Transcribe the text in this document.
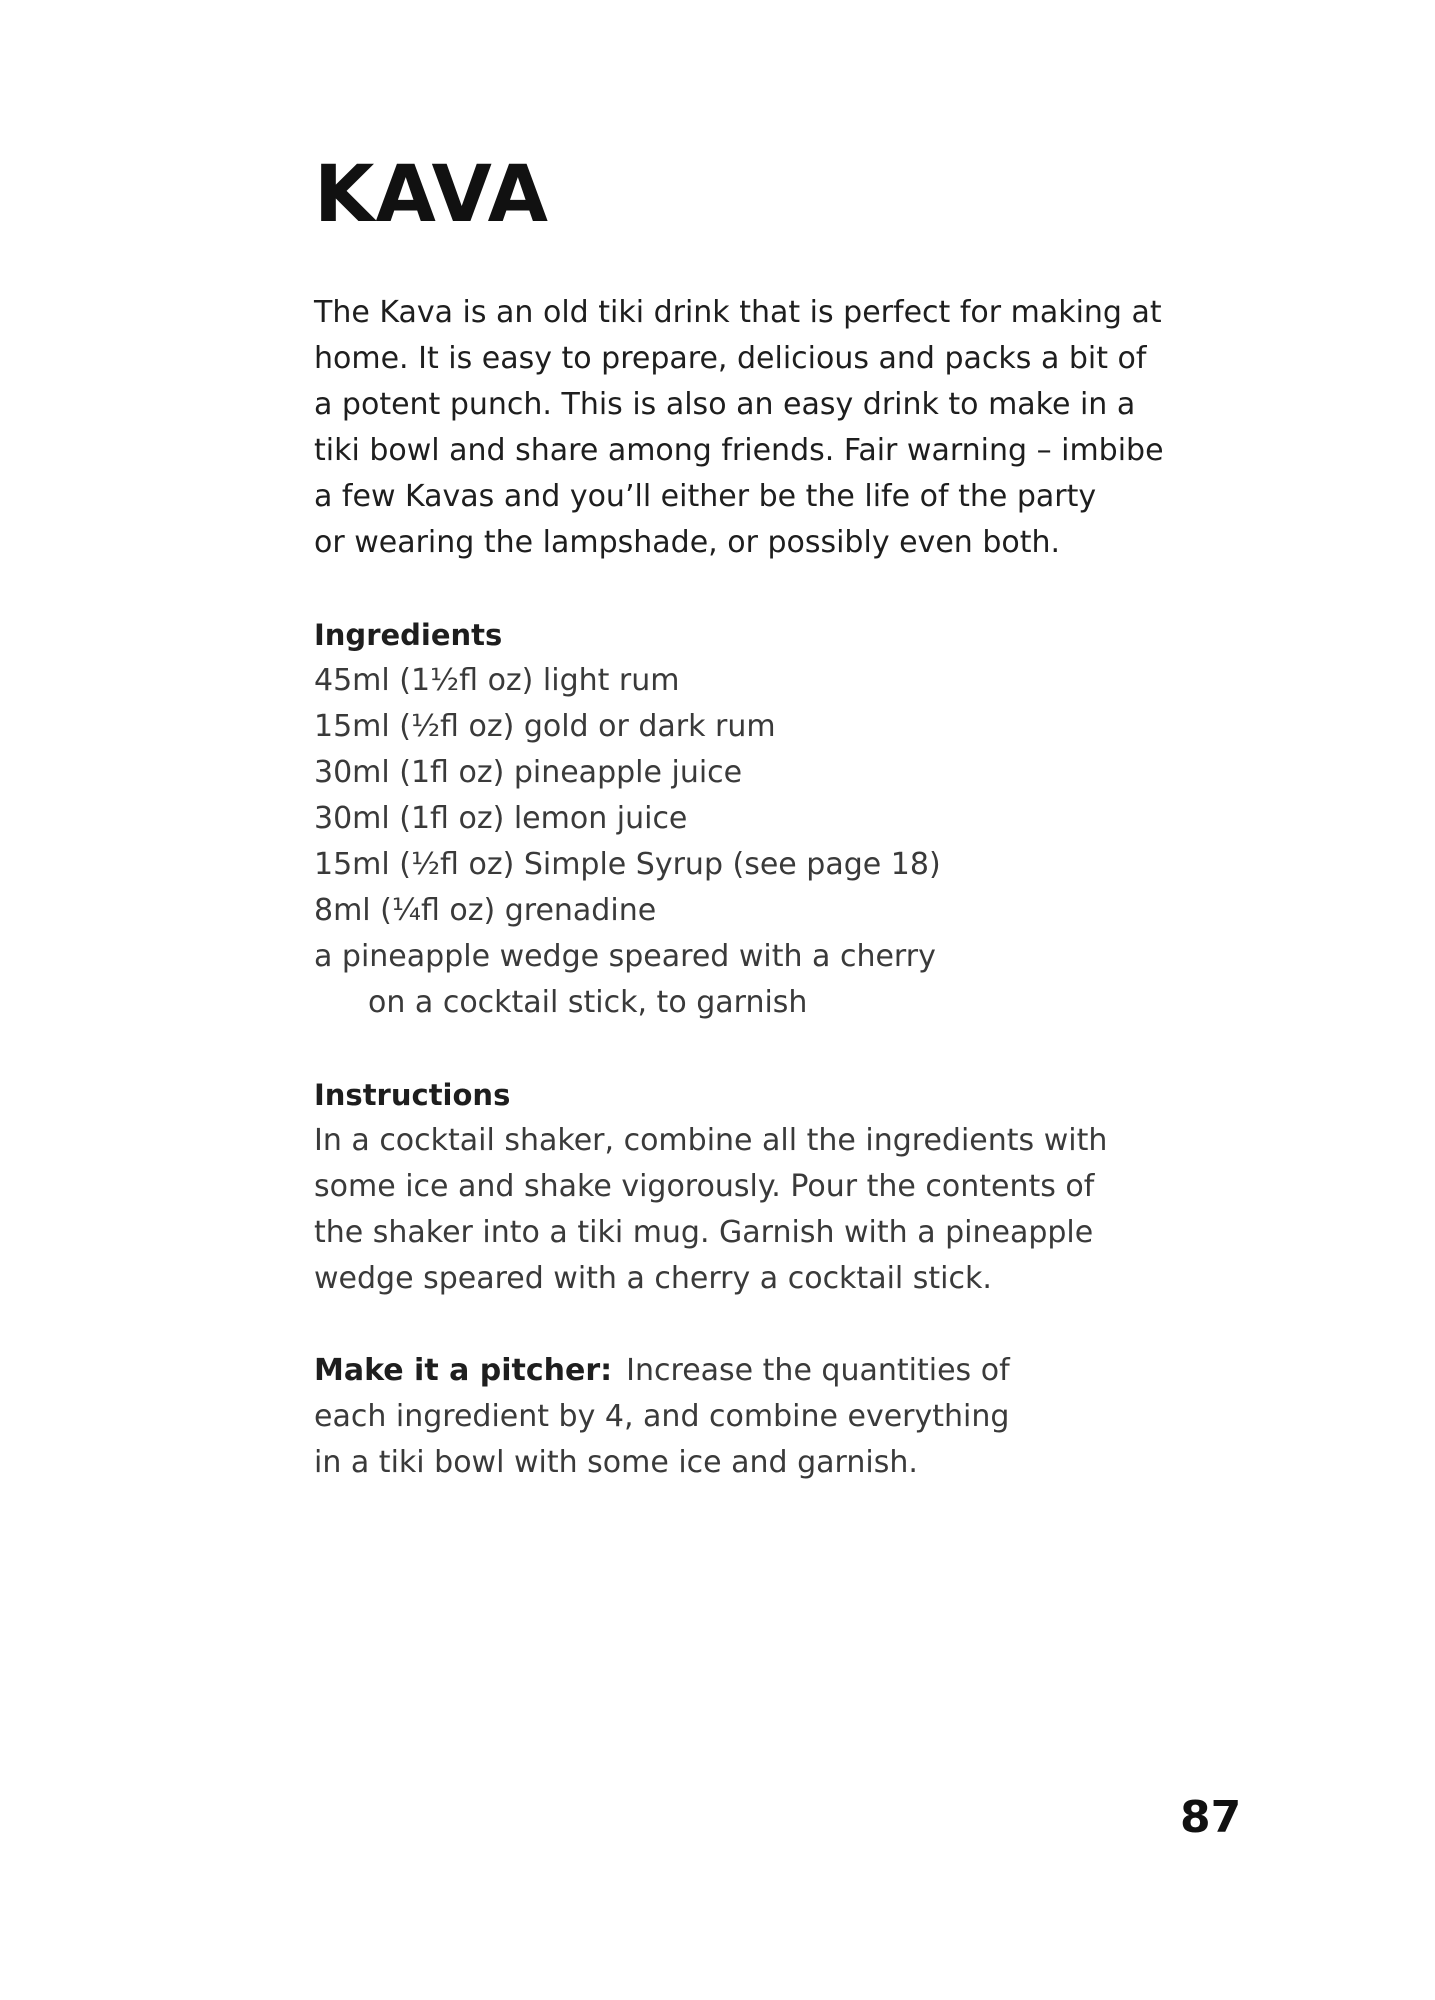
KAVA
The Kava is an old tiki drink that is perfect for making at
home. It is easy to prepare, delicious and packs a bit of
a potent punch. This is also an easy drink to make in a
tiki bowl and share among friends. Fair warning – imbibe
a few Kavas and you’ll either be the life of the party
or wearing the lampshade, or possibly even both.
Ingredients
45ml (1½fl oz) light rum
15ml (½fl oz) gold or dark rum
30ml (1fl oz) pineapple juice
30ml (1fl oz) lemon juice
15ml (½fl oz) Simple Syrup (see page 18)
8ml (¼fl oz) grenadine
a pineapple wedge speared with a cherry
on a cocktail stick, to garnish
Instructions
In a cocktail shaker, combine all the ingredients with
some ice and shake vigorously. Pour the contents of
the shaker into a tiki mug. Garnish with a pineapple
wedge speared with a cherry a cocktail stick.
Make it a pitcher: Increase the quantities of
each ingredient by 4, and combine everything
in a tiki bowl with some ice and garnish.
87
